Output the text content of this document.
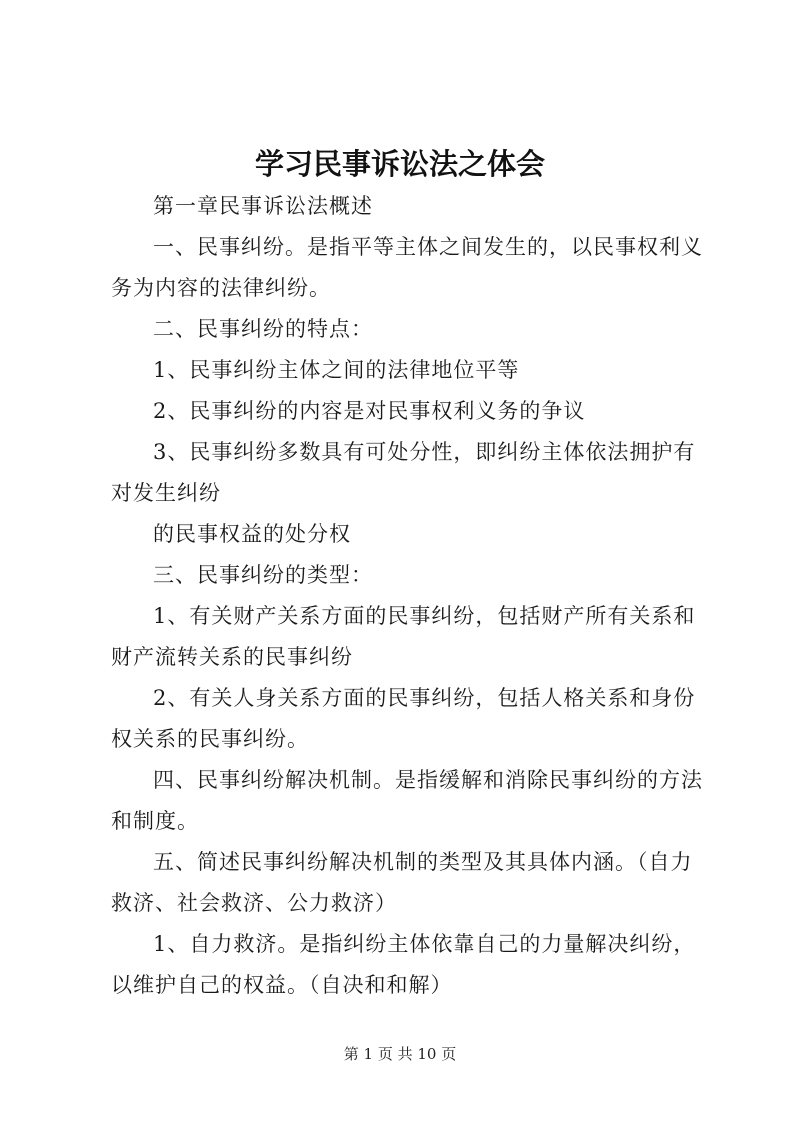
学习民事诉讼法之体会

第一章民事诉讼法概述

一、民事纠纷。是指平等主体之间发生的，以民事权利义务为内容的法律纠纷。

二、民事纠纷的特点：

1、民事纠纷主体之间的法律地位平等

2、民事纠纷的内容是对民事权利义务的争议

3、民事纠纷多数具有可处分性，即纠纷主体依法拥护有对发生纠纷

的民事权益的处分权

三、民事纠纷的类型：

1、有关财产关系方面的民事纠纷，包括财产所有关系和财产流转关系的民事纠纷

2、有关人身关系方面的民事纠纷，包括人格关系和身份权关系的民事纠纷。

四、民事纠纷解决机制。是指缓解和消除民事纠纷的方法和制度。

五、简述民事纠纷解决机制的类型及其具体内涵。（自力救济、社会救济、公力救济）

1、自力救济。是指纠纷主体依靠自己的力量解决纠纷，以维护自己的权益。（自决和和解）

第 1 页 共 10 页
